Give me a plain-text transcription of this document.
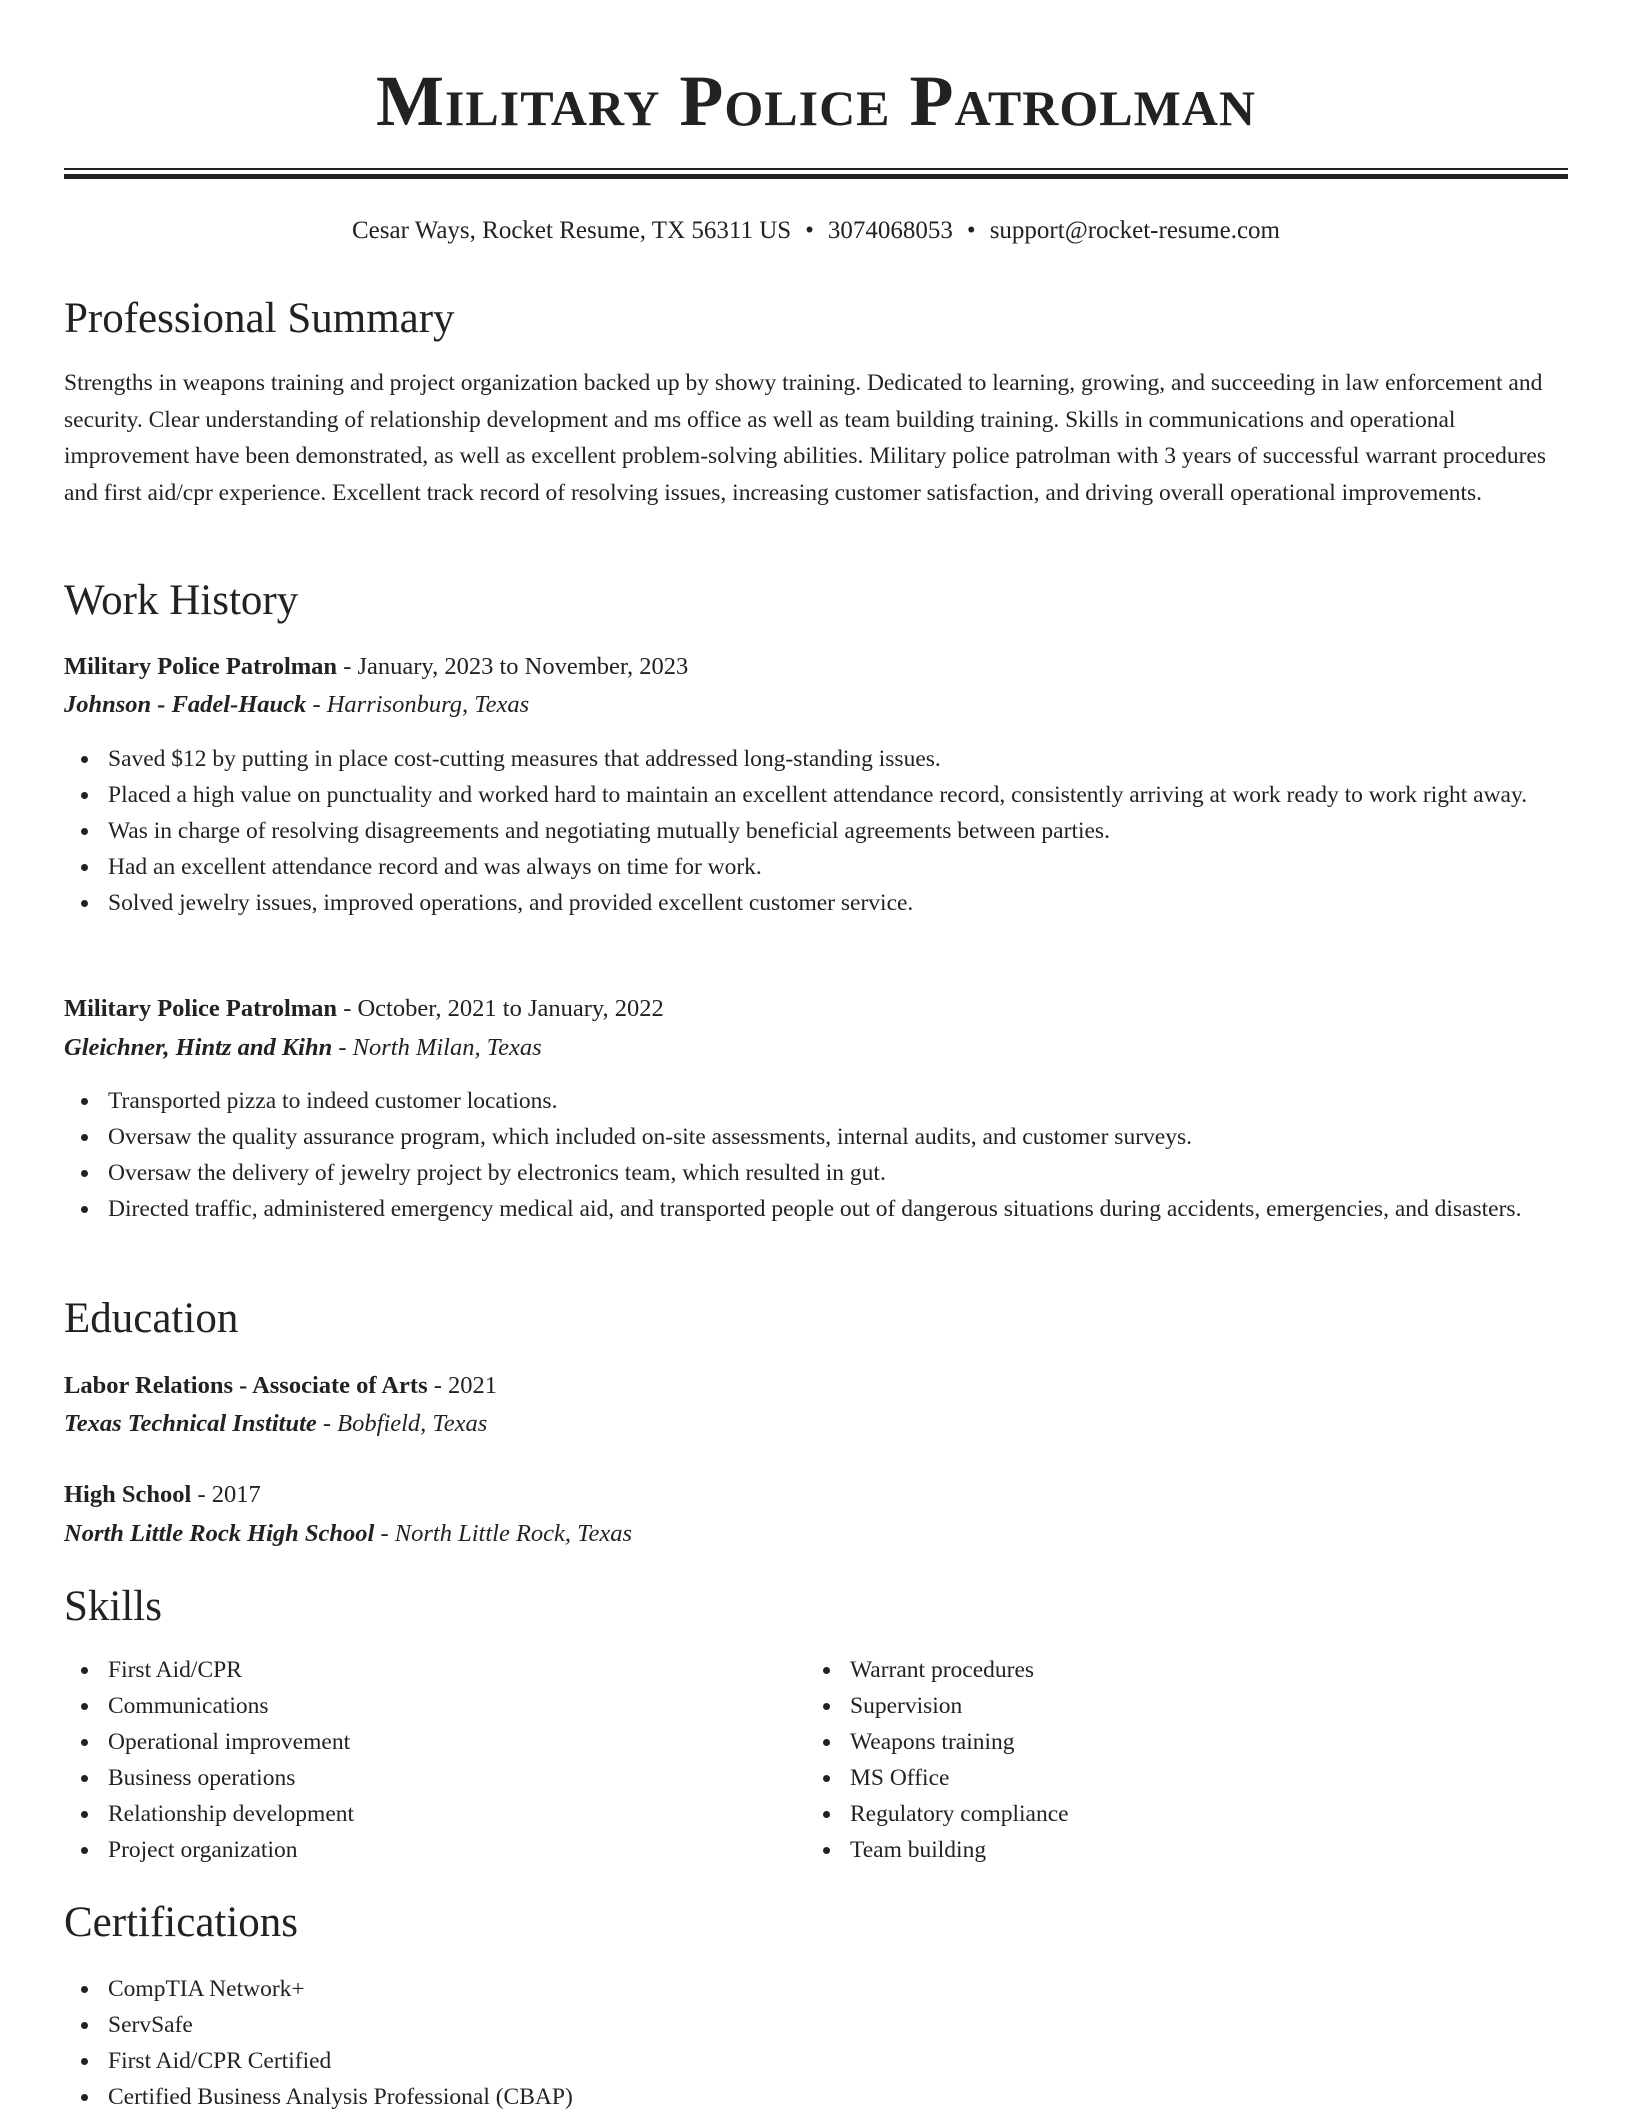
Military Police Patrolman
Cesar Ways, Rocket Resume, TX 56311 US • 3074068053 • support@rocket-resume.com
Professional Summary

Strengths in weapons training and project organization backed up by showy training. Dedicated to learning, growing, and succeeding in law enforcement and security. Clear understanding of relationship development and ms office as well as team building training. Skills in communications and operational improvement have been demonstrated, as well as excellent problem-solving abilities. Military police patrolman with 3 years of successful warrant procedures and first aid/cpr experience. Excellent track record of resolving issues, increasing customer satisfaction, and driving overall operational improvements.

Work History
Military Police Patrolman - January, 2023 to November, 2023
Johnson - Fadel-Hauck - Harrisonburg, Texas
Saved $12 by putting in place cost-cutting measures that addressed long-standing issues.
Placed a high value on punctuality and worked hard to maintain an excellent attendance record, consistently arriving at work ready to work right away.
Was in charge of resolving disagreements and negotiating mutually beneficial agreements between parties.
Had an excellent attendance record and was always on time for work.
Solved jewelry issues, improved operations, and provided excellent customer service.
Military Police Patrolman - October, 2021 to January, 2022
Gleichner, Hintz and Kihn - North Milan, Texas
Transported pizza to indeed customer locations.
Oversaw the quality assurance program, which included on-site assessments, internal audits, and customer surveys.
Oversaw the delivery of jewelry project by electronics team, which resulted in gut.
Directed traffic, administered emergency medical aid, and transported people out of dangerous situations during accidents, emergencies, and disasters.
Education
Labor Relations - Associate of Arts - 2021
Texas Technical Institute - Bobfield, Texas
High School - 2017
North Little Rock High School - North Little Rock, Texas
Skills
First Aid/CPR
Communications
Operational improvement
Business operations
Relationship development
Project organization
Warrant procedures
Supervision
Weapons training
MS Office
Regulatory compliance
Team building
Certifications
CompTIA Network+
ServSafe
First Aid/CPR Certified
Certified Business Analysis Professional (CBAP)
